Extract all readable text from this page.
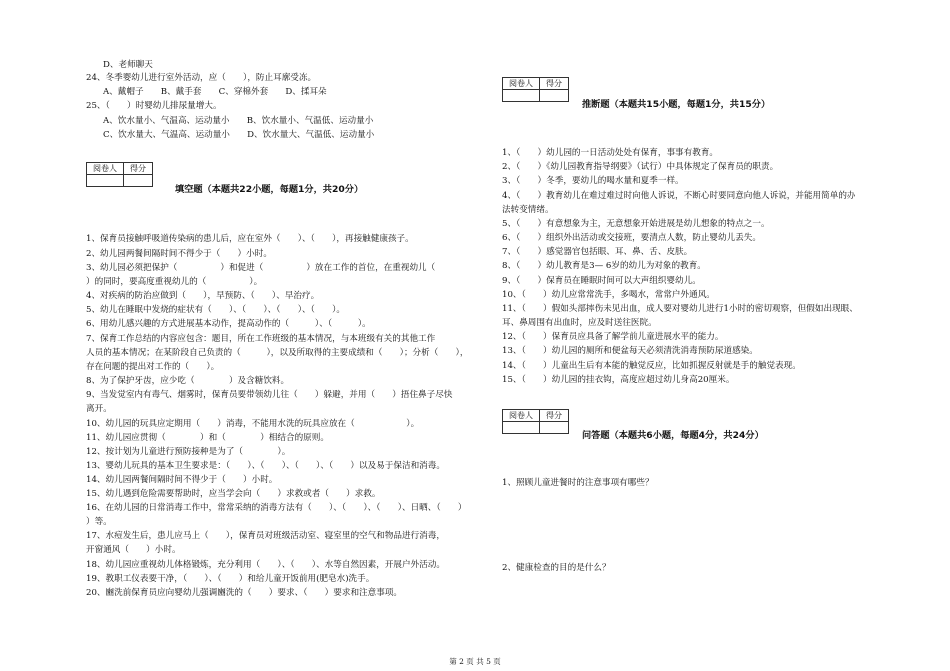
D、老师聊天
24、冬季婴幼儿进行室外活动，应（　　），防止耳廓受冻。
A、戴帽子　　B、戴手套　　C、穿棉外套　　D、揉耳朵
25、（　　）时婴幼儿排尿量增大。
A、饮水量小、气温高、运动量小　　B、饮水量小、气温低、运动量小
C、饮水量大、气温高、运动量小　　D、饮水量大、气温低、运动量小
阅卷人	得分

填空题（本题共22小题，每题1分，共20分）
1、保育员接触呼吸道传染病的患儿后，应在室外（　　）、（　　），再接触健康孩子。
2、幼儿园两餐间隔时间不得少于（　　）小时。
3、幼儿园必须把保护（　　　　　）和促进（　　　　　）放在工作的首位，在重视幼儿（
）的同时，要高度重视幼儿的（　　　　　）。
4、对疾病的防治应做到（　　），早预防、（　　）、早治疗。
5、幼儿在睡眠中发烧的症状有（　　）、（　　）、（　　）、（　　）。
6、用幼儿感兴趣的方式进展基本动作，提高动作的（　　　）、（　　　）。
7、保育工作总结的内容应包含：题目，所在工作班级的基本情况，与本班级有关的其他工作
人员的基本情况；在某阶段自己负责的（　　　），以及所取得的主要成绩和（　　）；分析（　　），
存在问题的提出对工作的（　　）。
8、为了保护牙齿，应少吃（　　　　）及含糖饮料。
9、当发觉室内有毒气、烟雾时，保育员要带领幼儿往（　　）躲避，并用（　　）捂住鼻子尽快
离开。
10、幼儿园的玩具应定期用（　　）消毒，不能用水洗的玩具应放在（　　　　　　）。
11、幼儿园应贯彻（　　　　）和（　　　　）相结合的原则。
12、按计划为儿童进行预防接种是为了（　　　　）。
13、婴幼儿玩具的基本卫生要求是：（　　）、（　　）、（　　）、（　　）以及易于保洁和消毒。
14、幼儿园两餐间隔时间不得少于（　　）小时。
15、幼儿遇到危险需要帮助时，应当学会向（　　）求救或者（　　）求救。
16、在幼儿园的日常消毒工作中，常常采纳的消毒方法有（　　）、（　　）、（　　）、日晒、（　　）
）等。
17、水痘发生后，患儿应马上（　　），保育员对班级活动室、寝室里的空气和物品进行消毒，
开窗通风（　　）小时。
18、幼儿园应重视幼儿体格锻炼，充分利用（　　）、（　　）、水等自然因素，开展户外活动。
19、教职工仪表要干净，（　　）、（　　）和给儿童开饭前用(肥皂水)洗手。
20、豳洗前保育员应向婴幼儿强调豳洗的（　　）要求、（　　）要求和注意事项。
阅卷人	得分

推断题（本题共15小题，每题1分，共15分）
1、（　　）幼儿园的一日活动处处有保育，事事有教育。
2、（　　）《幼儿园教育指导纲要》（试行）中具体规定了保育员的职责。
3、（　　）冬季，要幼儿的喝水量和夏季一样。
4、（　　）教育幼儿在难过难过时向他人诉说，不断心时要同意向他人诉说，并能用简单的办
法转变情绪。
5、（　　）有意想象为主，无意想象开始进展是幼儿想象的特点之一。
6、（　　）组织外出活动或交接班，要清点人数，防止婴幼儿丢失。
7、（　　）感觉器官包括眼、耳、鼻、舌、皮肤。
8、（　　）幼儿教育是3— 6岁的幼儿为对象的教育。
9、（　　）保育员在睡眠时间可以大声组织婴幼儿。
10、（　　）幼儿应常常洗手，多喝水，常常户外通风。
11、（　　）假如头部摔伤未见出血，成人要对婴幼儿进行1小时的密切观察，但假如出现眼、
耳、鼻周围有出血时，应及时送往医院。
12、（　　）保育员应具备了解学前儿童进展水平的能力。
13、（　　）幼儿园的厕所和便盆每天必须清洗消毒预防尿道感染。
14、（　　）儿童出生后有本能的触觉反应，比如抓握反射就是手的触觉表现。
15、（　　）幼儿园的挂衣钩，高度应超过幼儿身高20厘米。
阅卷人	得分

问答题（本题共6小题，每题4分，共24分）
1、照顾儿童进餐时的注意事项有哪些？
2、健康检查的目的是什么？
第 2 页 共 5 页
